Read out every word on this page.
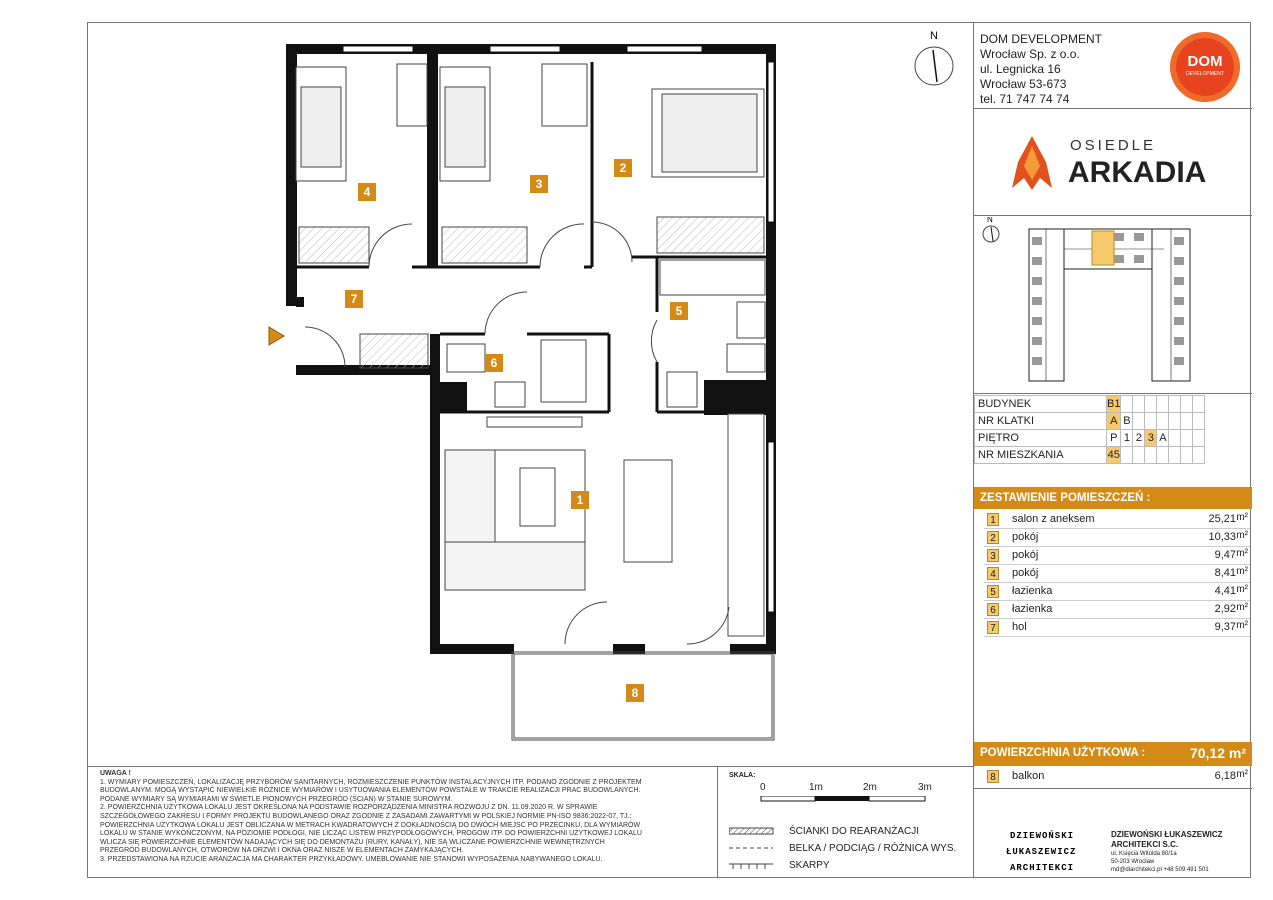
4
3
2
7
5
6
1
8
N	DOM DEVELOPMENT
Wrocław Sp. z o.o.
ul. Legnicka 16
Wrocław 53-673
tel. 71 747 74 74
DOM
DEVELOPMENT
OSIEDLE
ARKADIA
N
BUDYNEK	B1							
NR KLATKI	A	B						
PIĘTRO	P	1	2	3	A			
NR MIESZKANIA	45							
ZESTAWIENIE POMIESZCZEŃ :
1 salon z aneksem	25,21 m²
2 pokój	10,33 m²
3 pokój	9,47 m²
4 pokój	8,41 m²
5 łazienka	4,41 m²
6 łazienka	2,92 m²
7 hol	9,37 m²
POWIERZCHNIA UŻYTKOWA :	70,12 m²
8 balkon	6,18 m²
DZIEWOŃSKI
ŁUKASZEWICZ
ARCHITEKCI
DZIEWOŃSKI ŁUKASZEWICZ
ARCHITEKCI S.C.
ul. Księcia Witolda 80/1a
50-203 Wrocław
md@dlarchitekci.pl +48 509 491 501
UWAGA !
1. WYMIARY POMIESZCZEŃ, LOKALIZACJĘ PRZYBORÓW SANITARNYCH, ROZMIESZCZENIE PUNKTÓW INSTALACYJNYCH ITP. PODANO ZGODNIE Z PROJEKTEM
BUDOWLANYM. MOGĄ WYSTĄPIĆ NIEWIELKIE RÓŻNICE WYMIARÓW I USYTUOWANIA ELEMENTÓW POWSTAŁE W TRAKCIE REALIZACJI PRAC BUDOWLANYCH.
PODANE WYMIARY SĄ WYMIARAMI W ŚWIETLE PIONOWYCH PRZEGRÓD (ŚCIAN) W STANIE SUROWYM.
2. POWIERZCHNIA UŻYTKOWA LOKALU JEST OKREŚLONA NA PODSTAWIE ROZPORZĄDZENIA MINISTRA ROZWOJU Z DN. 11.09.2020 R. W SPRAWIE
SZCZEGÓŁOWEGO ZAKRESU I FORMY PROJEKTU BUDOWLANEGO ORAZ ZGODNIE Z ZASADAMI ZAWARTYMI W POLSKIEJ NORMIE PN-ISO 9836:2022-07, TJ.:
POWIERZCHNIA UŻYTKOWA LOKALU JEST OBLICZANA W METRACH KWADRATOWYCH Z DOKŁADNOŚCIĄ DO DWÓCH MIEJSC PO PRZECINKU, DLA WYMIARÓW
LOKALU W STANIE WYKOŃCZONYM, NA POZIOMIE PODŁOGI, NIE LICZĄC LISTEW PRZYPODŁOGOWYCH, PROGÓW ITP. DO POWIERZCHNI UŻYTKOWEJ LOKALU
WLICZA SIĘ POWIERZCHNIE ELEMENTÓW NADAJĄCYCH SIĘ DO DEMONTAŻU (RURY, KANAŁY), NIE SĄ WLICZANE POWIERZCHNIE WEWNĘTRZNYCH
PRZEGRÓD BUDOWLANYCH, OTWORÓW NA DRZWI I OKNA ORAZ NISZE W ELEMENTACH ZAMYKAJĄCYCH.
3. PRZEDSTAWIONA NA RZUCIE ARANŻACJA MA CHARAKTER PRZYKŁADOWY. UMEBLOWANIE NIE STANOWI WYPOSAŻENIA NABYWANEGO LOKALU.
SKALA:
0	1m	2m	3m
ŚCIANKI DO REARANŻACJI
BELKA / PODCIĄG / RÓŻNICA WYS.
SKARPY
